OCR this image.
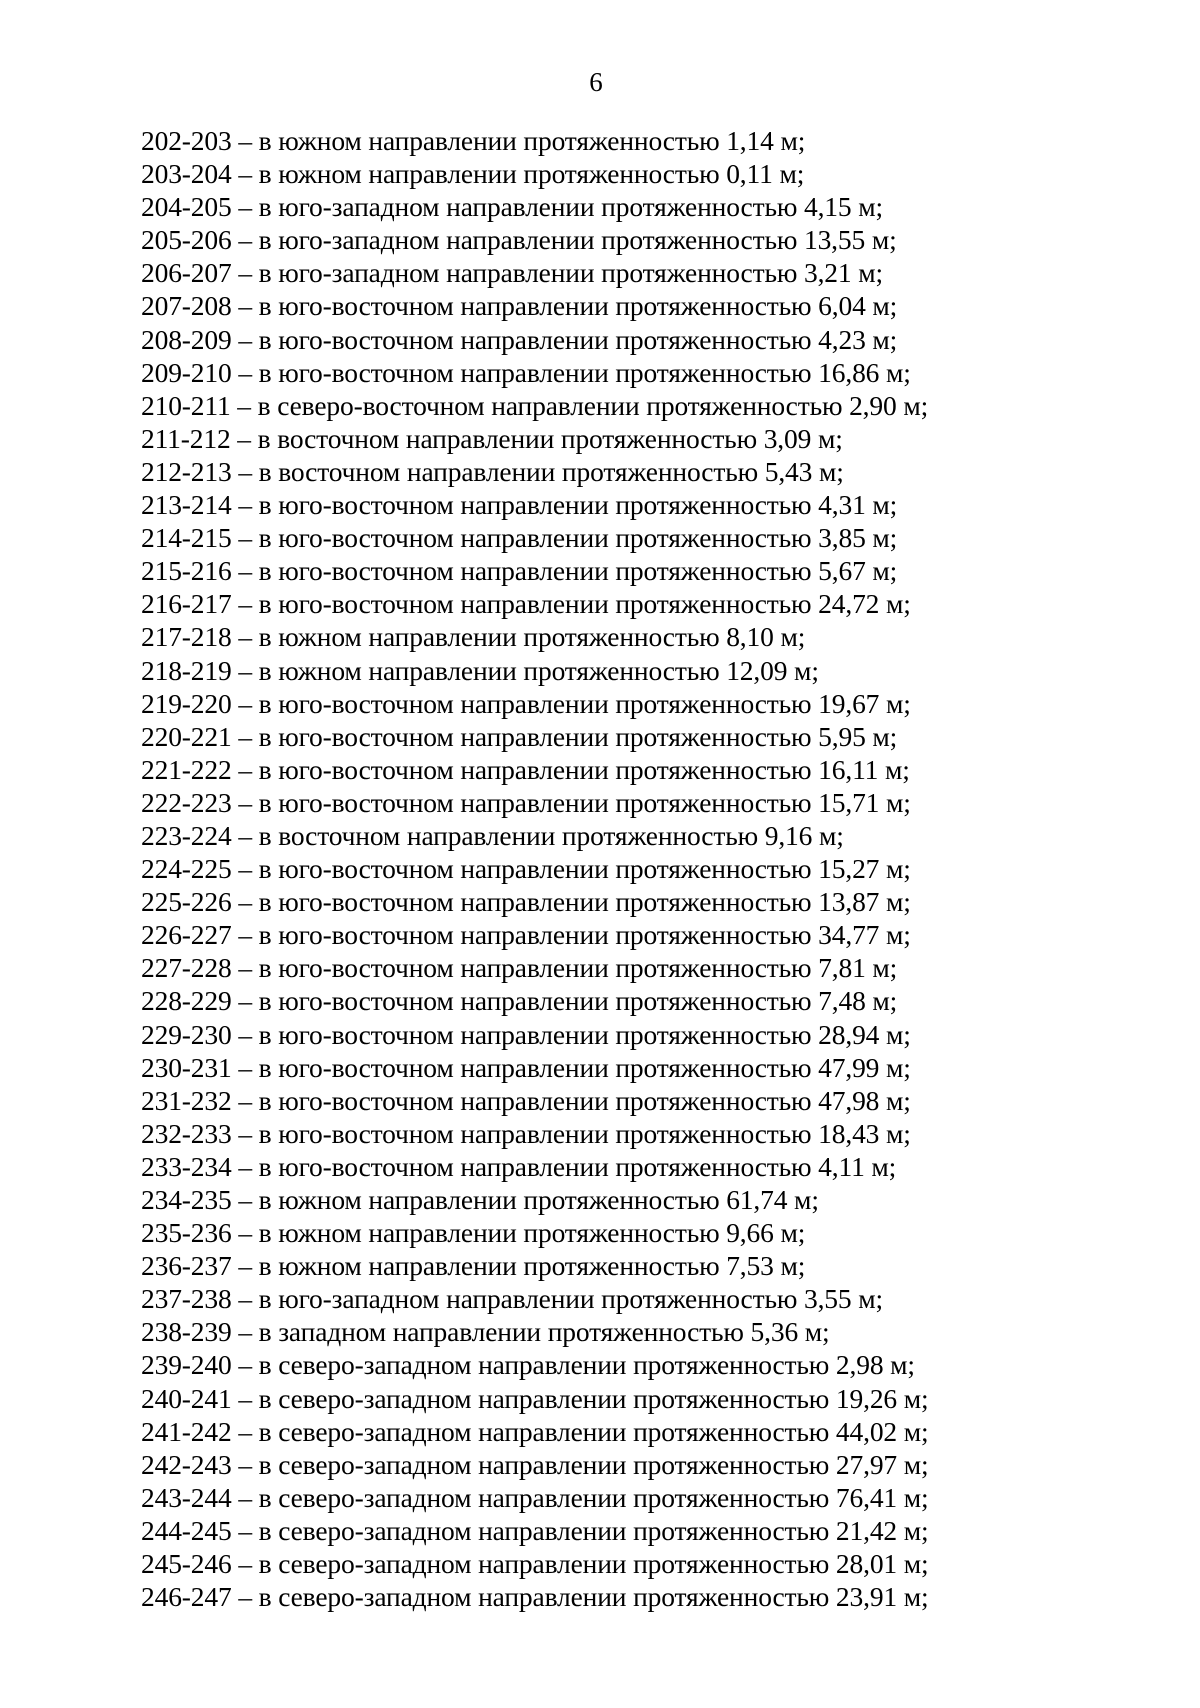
6
202-203 – в южном направлении протяженностью 1,14 м;
203-204 – в южном направлении протяженностью 0,11 м;
204-205 – в юго-западном направлении протяженностью 4,15 м;
205-206 – в юго-западном направлении протяженностью 13,55 м;
206-207 – в юго-западном направлении протяженностью 3,21 м;
207-208 – в юго-восточном направлении протяженностью 6,04 м;
208-209 – в юго-восточном направлении протяженностью 4,23 м;
209-210 – в юго-восточном направлении протяженностью 16,86 м;
210-211 – в северо-восточном направлении протяженностью 2,90 м;
211-212 – в восточном направлении протяженностью 3,09 м;
212-213 – в восточном направлении протяженностью 5,43 м;
213-214 – в юго-восточном направлении протяженностью 4,31 м;
214-215 – в юго-восточном направлении протяженностью 3,85 м;
215-216 – в юго-восточном направлении протяженностью 5,67 м;
216-217 – в юго-восточном направлении протяженностью 24,72 м;
217-218 – в южном направлении протяженностью 8,10 м;
218-219 – в южном направлении протяженностью 12,09 м;
219-220 – в юго-восточном направлении протяженностью 19,67 м;
220-221 – в юго-восточном направлении протяженностью 5,95 м;
221-222 – в юго-восточном направлении протяженностью 16,11 м;
222-223 – в юго-восточном направлении протяженностью 15,71 м;
223-224 – в восточном направлении протяженностью 9,16 м;
224-225 – в юго-восточном направлении протяженностью 15,27 м;
225-226 – в юго-восточном направлении протяженностью 13,87 м;
226-227 – в юго-восточном направлении протяженностью 34,77 м;
227-228 – в юго-восточном направлении протяженностью 7,81 м;
228-229 – в юго-восточном направлении протяженностью 7,48 м;
229-230 – в юго-восточном направлении протяженностью 28,94 м;
230-231 – в юго-восточном направлении протяженностью 47,99 м;
231-232 – в юго-восточном направлении протяженностью 47,98 м;
232-233 – в юго-восточном направлении протяженностью 18,43 м;
233-234 – в юго-восточном направлении протяженностью 4,11 м;
234-235 – в южном направлении протяженностью 61,74 м;
235-236 – в южном направлении протяженностью 9,66 м;
236-237 – в южном направлении протяженностью 7,53 м;
237-238 – в юго-западном направлении протяженностью 3,55 м;
238-239 – в западном направлении протяженностью 5,36 м;
239-240 – в северо-западном направлении протяженностью 2,98 м;
240-241 – в северо-западном направлении протяженностью 19,26 м;
241-242 – в северо-западном направлении протяженностью 44,02 м;
242-243 – в северо-западном направлении протяженностью 27,97 м;
243-244 – в северо-западном направлении протяженностью 76,41 м;
244-245 – в северо-западном направлении протяженностью 21,42 м;
245-246 – в северо-западном направлении протяженностью 28,01 м;
246-247 – в северо-западном направлении протяженностью 23,91 м;
